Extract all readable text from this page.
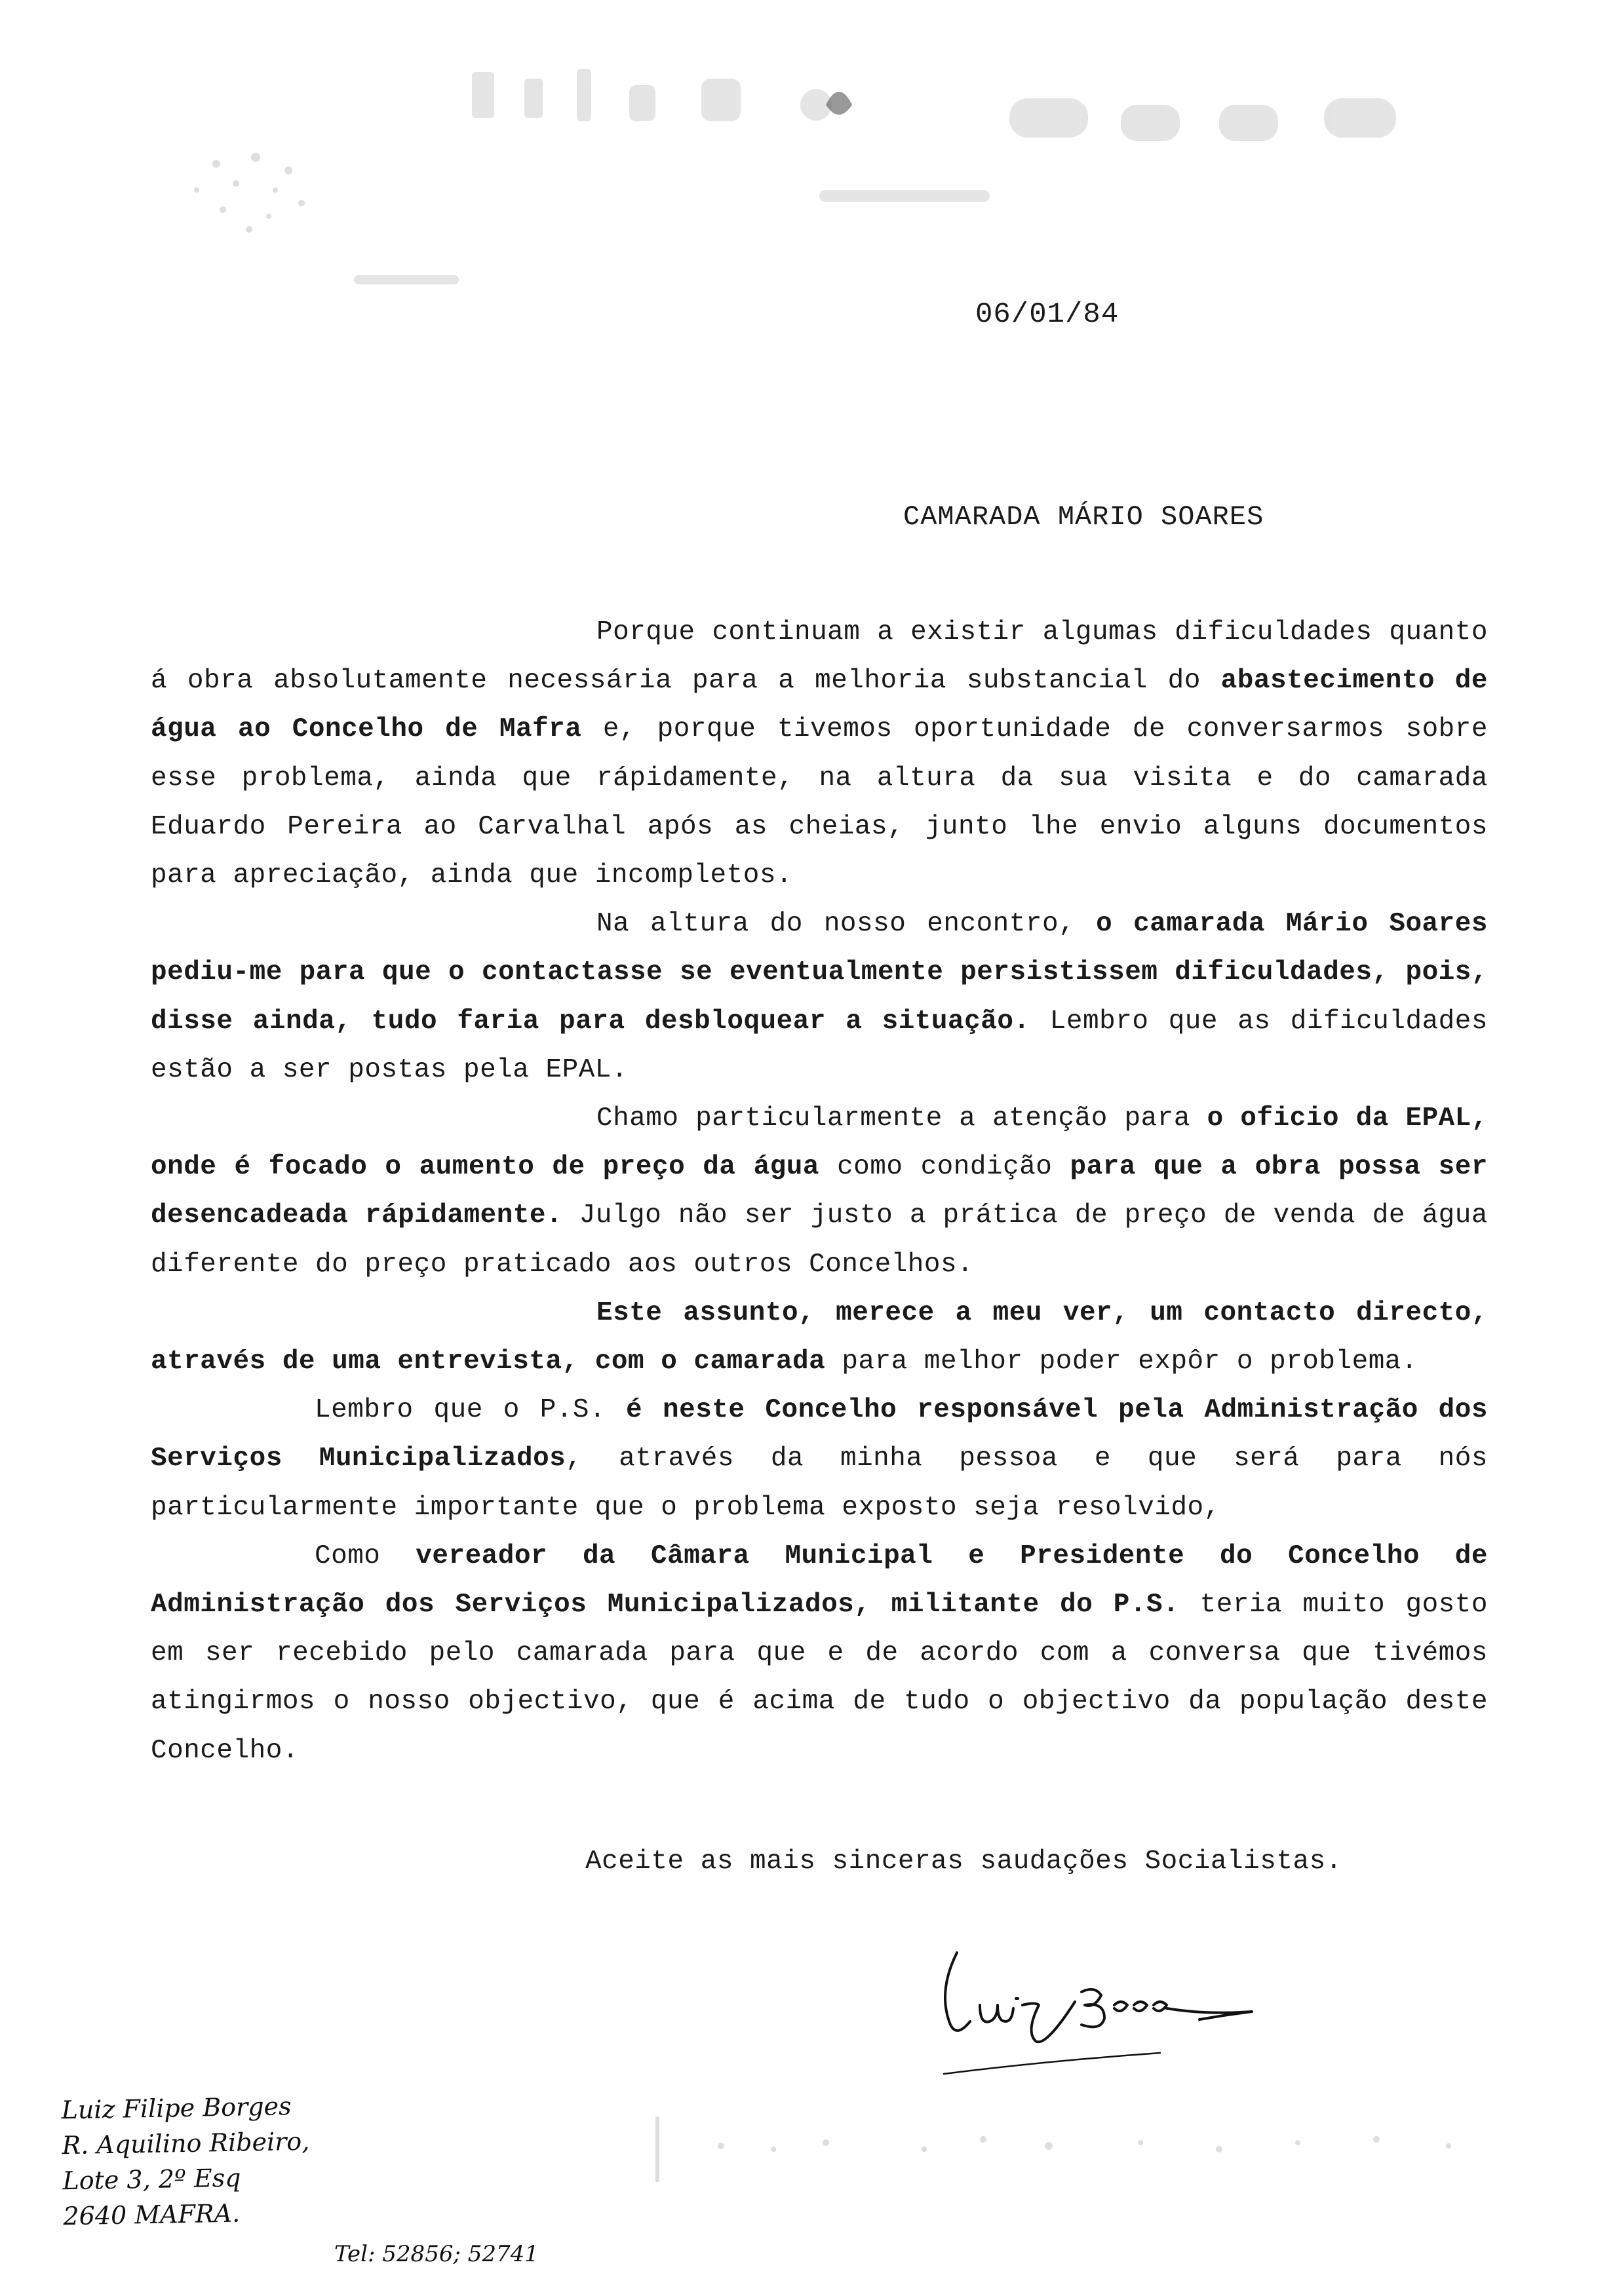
06/01/84
CAMARADA MÁRIO SOARES

Porque continuam a existir algumas dificuldades quanto á obra absolutamente necessária para a melhoria substancial do abastecimento de água ao Concelho de Mafra e, porque tivemos oportunidade de conversarmos sobre esse problema, ainda que rápidamente, na altura da sua visita e do camarada Eduardo Pereira ao Carvalhal após as cheias, junto lhe envio alguns documentos para apreciação, ainda que incompletos.

Na altura do nosso encontro, o camarada Mário Soares pediu-me para que o contactasse se eventualmente persistissem dificuldades, pois, disse ainda, tudo faria para desbloquear a situação. Lembro que as dificuldades estão a ser postas pela EPAL.

Chamo particularmente a atenção para o oficio da EPAL, onde é focado o aumento de preço da água como condição para que a obra possa ser desencadeada rápidamente. Julgo não ser justo a prática de preço de venda de água diferente do preço praticado aos outros Concelhos.

Este assunto, merece a meu ver, um contacto directo, através de uma entrevista, com o camarada para melhor poder expôr o problema.

Lembro que o P.S. é neste Concelho responsável pela Administração dos Serviços Municipalizados, através da minha pessoa e que será para nós particularmente importante que o problema exposto seja resolvido,

Como vereador da Câmara Municipal e Presidente do Concelho de Administração dos Serviços Municipalizados, militante do P.S. teria muito gosto em ser recebido pelo camarada para que e de acordo com a conversa que tivémos atingirmos o nosso objectivo, que é acima de tudo o objectivo da população deste Concelho.

Aceite as mais sinceras saudações Socialistas.
Luiz Filipe Borges
R. Aquilino Ribeiro,
Lote 3, 2º Esq
2640 MAFRA.
Tel: 52856; 52741
